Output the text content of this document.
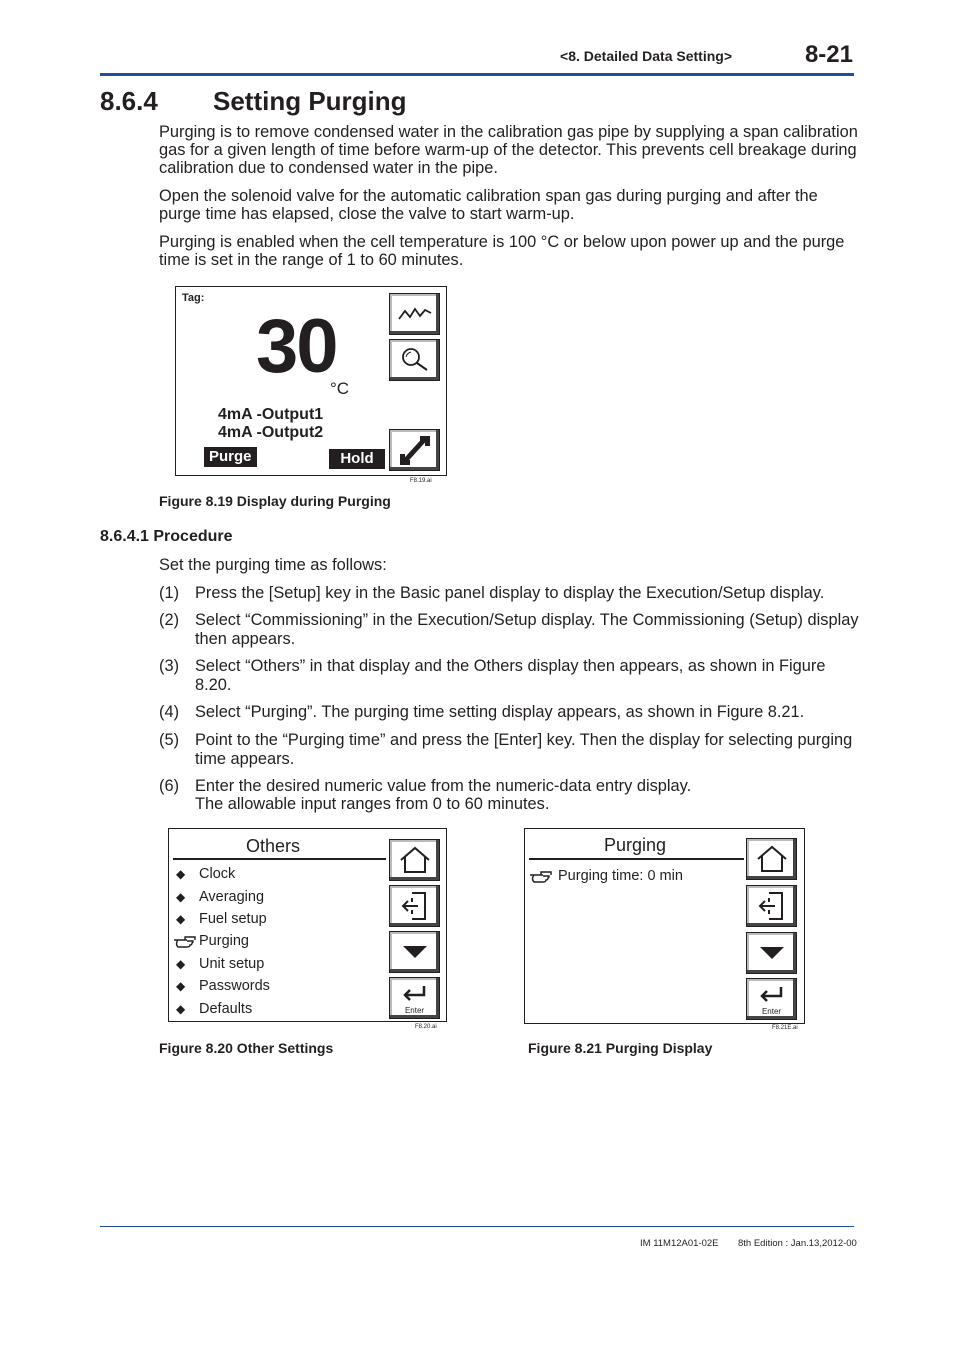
<8. Detailed Data Setting>	8-21
8.6.4 Setting Purging

Purging is to remove condensed water in the calibration gas pipe by supplying a span calibration gas for a given length of time before warm-up of the detector. This prevents cell breakage during calibration due to condensed water in the pipe.

Open the solenoid valve for the automatic calibration span gas during purging and after the purge time has elapsed, close the valve to start warm-up.

Purging is enabled when the cell temperature is 100 °C or below upon power up and the purge time is set in the range of 1 to 60 minutes.

Tag:
30
°C
4mA -Output1
4mA -Output2
Purge	Hold
F8.19.ai
Figure 8.19 Display during Purging
8.6.4.1 Procedure
Set the purging time as follows:
(1) Press the [Setup] key in the Basic panel display to display the Execution/Setup display.
(2) Select “Commissioning” in the Execution/Setup display. The Commissioning (Setup) display then appears.
(3) Select “Others” in that display and the Others display then appears, as shown in Figure 8.20.
(4) Select “Purging”. The purging time setting display appears, as shown in Figure 8.21.
(5) Point to the “Purging time” and press the [Enter] key. Then the display for selecting purging time appears.
(6) Enter the desired numeric value from the numeric-data entry display.
The allowable input ranges from 0 to 60 minutes.
Others
◆ Clock
◆ Averaging
◆ Fuel setup
Purging
◆ Unit setup
◆ Passwords
◆ Defaults	Enter
F8.20.ai
Figure 8.20 Other Settings
Purging
Purging time: 0 min
Enter
F8.21E.ai
Figure 8.21 Purging Display
IM 11M12A01-02E 8th Edition : Jan.13,2012-00
